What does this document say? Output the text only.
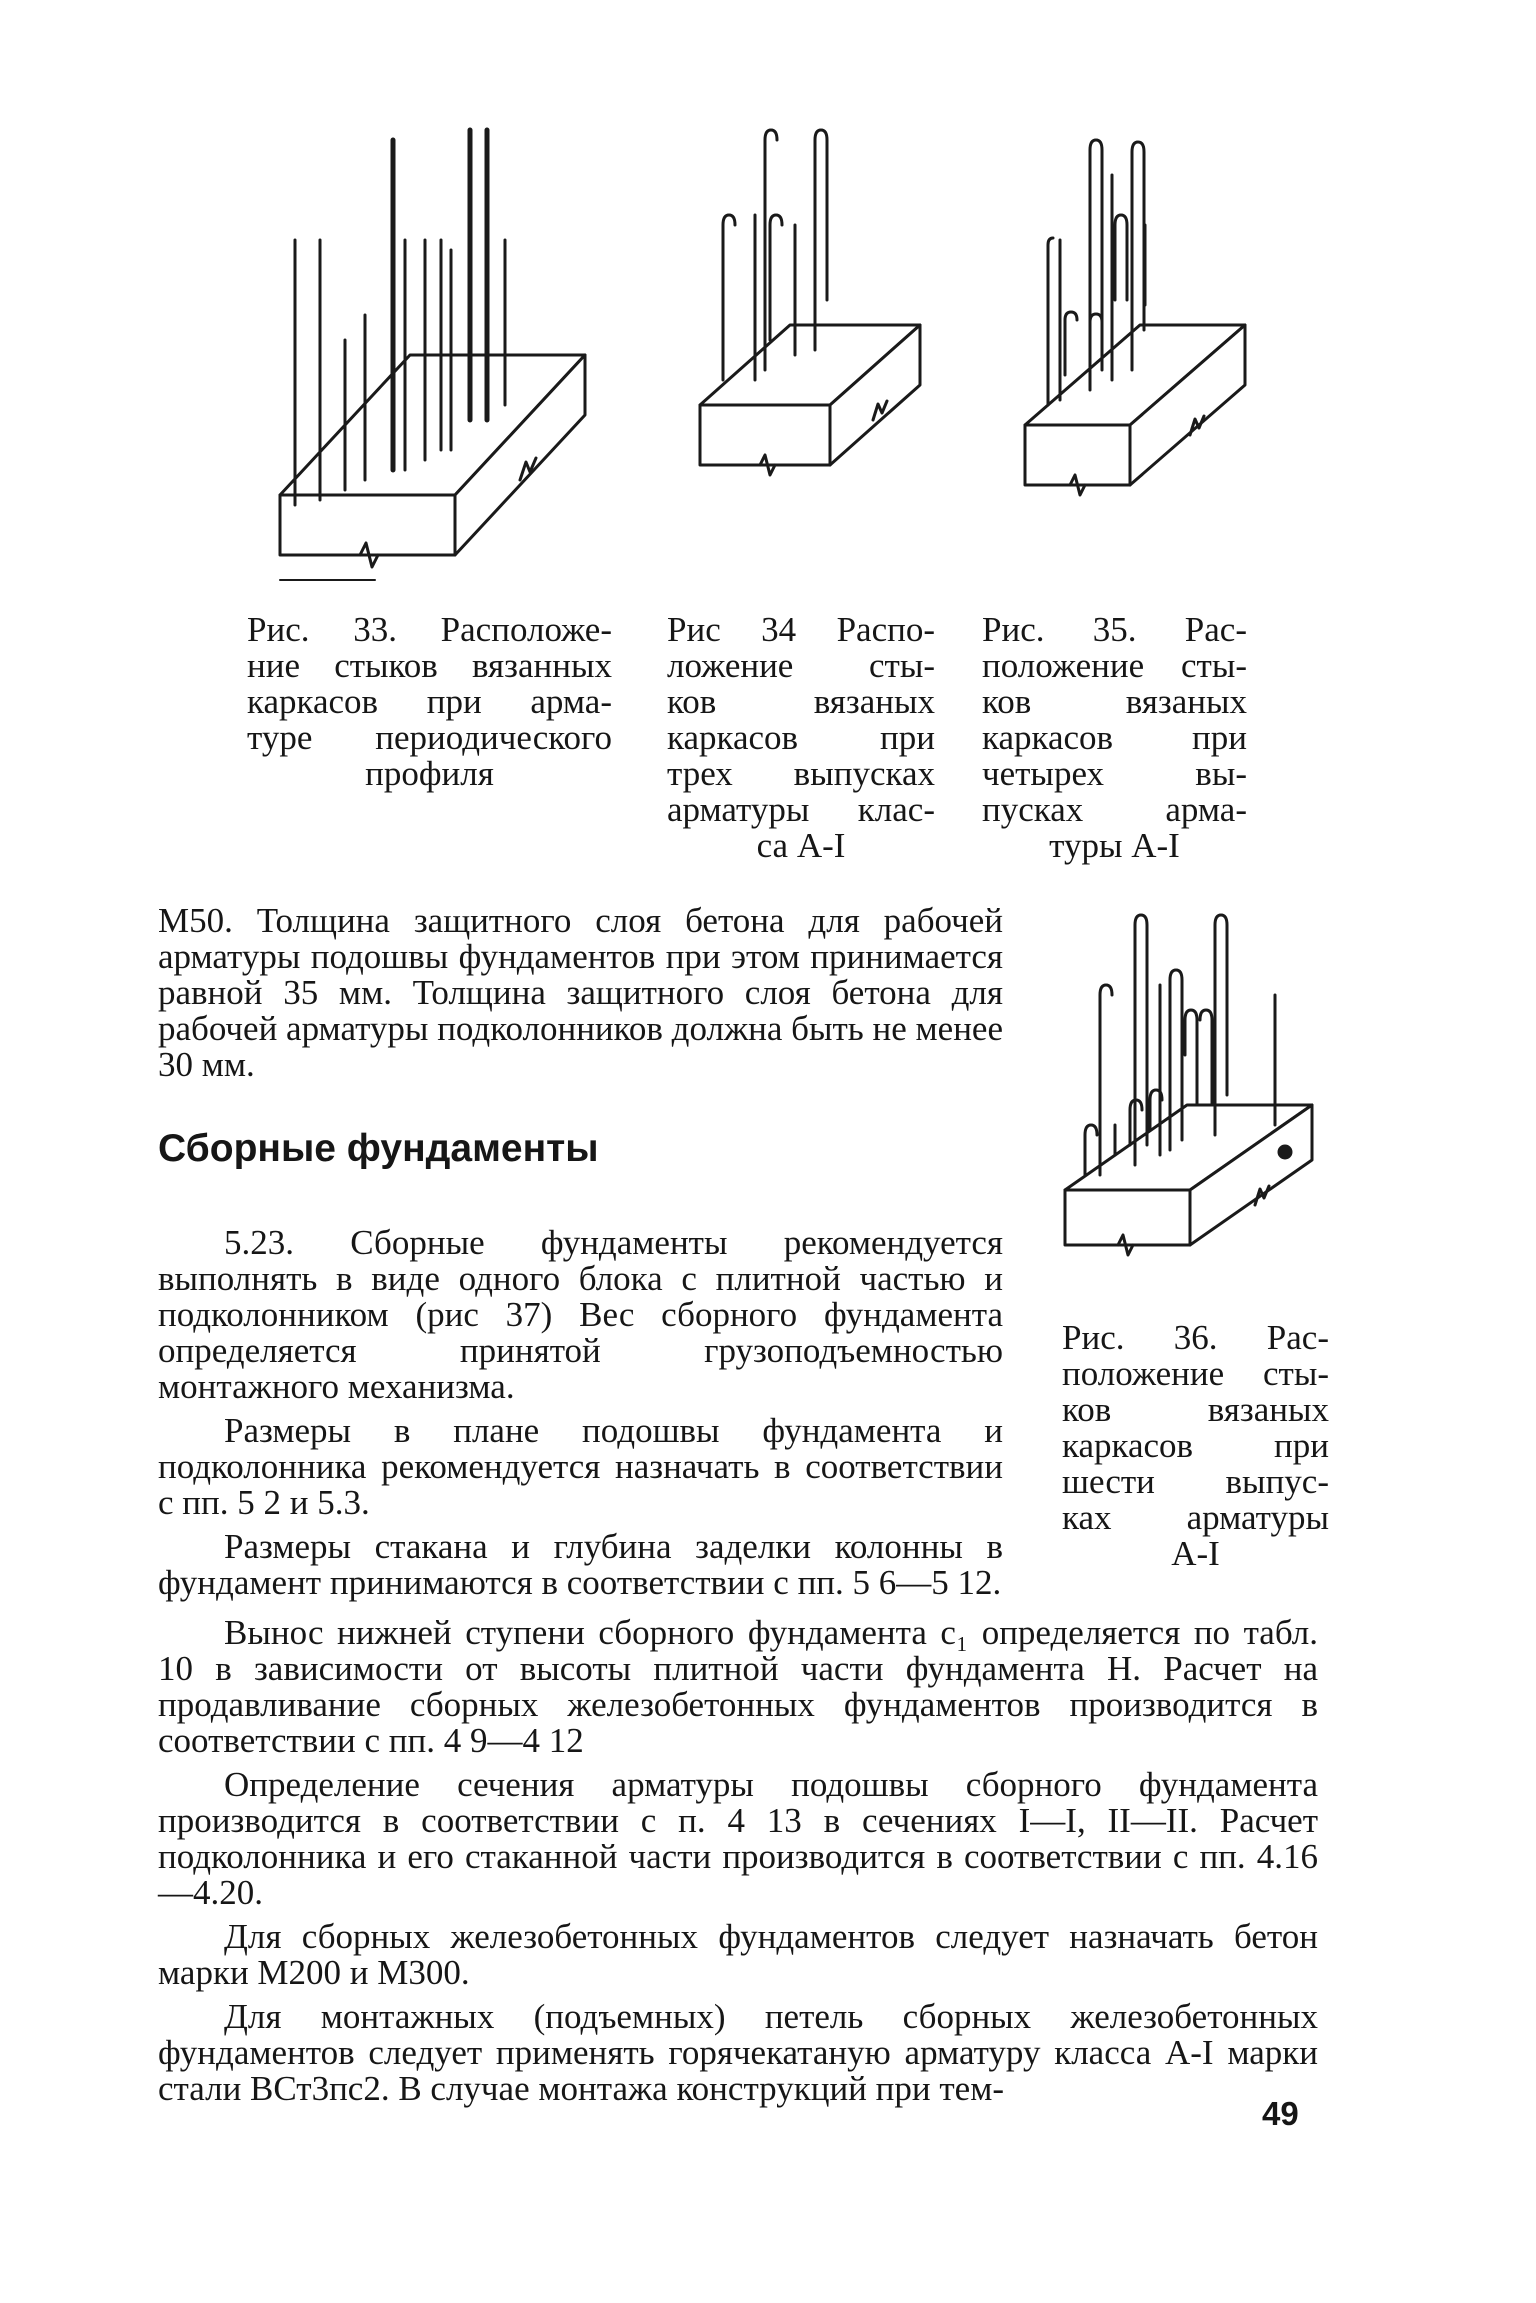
Рис. 33. Расположе-
ние стыков вязанных
каркасов при арма-
туре периодического
профиля
Рис 34 Распо-
ложение сты-
ков вязаных
каркасов при
трех выпусках
арматуры клас-
са А-I
Рис. 35. Рас-
положение сты-
ков вязаных
каркасов при
четырех вы-
пусках арма-
туры А-I

М50. Толщина защитного слоя бетона для рабочей арматуры подошвы фундаментов при этом принимается равной 35 мм. Толщина защитного слоя бетона для рабочей арматуры подколонников должна быть не менее 30 мм.

Рис. 36. Рас-
положение сты-
ков вязаных
каркасов при
шести выпус-
ках арматуры
А-I
Сборные фундаменты

5.23. Сборные фундаменты рекомендуется выполнять в виде одного блока с плитной частью и подколонником (рис 37) Вес сборного фундамента определяется принятой грузоподъемностью монтажного механизма.

Размеры в плане подошвы фундамента и подколонника рекомендуется назначать в соответствии с пп. 5 2 и 5.3.

Размеры стакана и глубина заделки колонны в фундамент принимаются в соответствии с пп. 5 6—5 12.

Вынос нижней ступени сборного фундамента c₁ определяется по табл. 10 в зависимости от высоты плитной части фундамента H. Расчет на продавливание сборных железобетонных фундаментов производится в соответствии с пп. 4 9—4 12

Определение сечения арматуры подошвы сборного фундамента производится в соответствии с п. 4 13 в сечениях I—I, II—II. Расчет подколонника и его стаканной части производится в соответствии с пп. 4.16—4.20.

Для сборных железобетонных фундаментов следует назначать бетон марки М200 и М300.

Для монтажных (подъемных) петель сборных железобетонных фундаментов следует применять горячекатаную арматуру класса А-I марки стали ВСт3пс2. В случае монтажа конструкций при тем-

49
